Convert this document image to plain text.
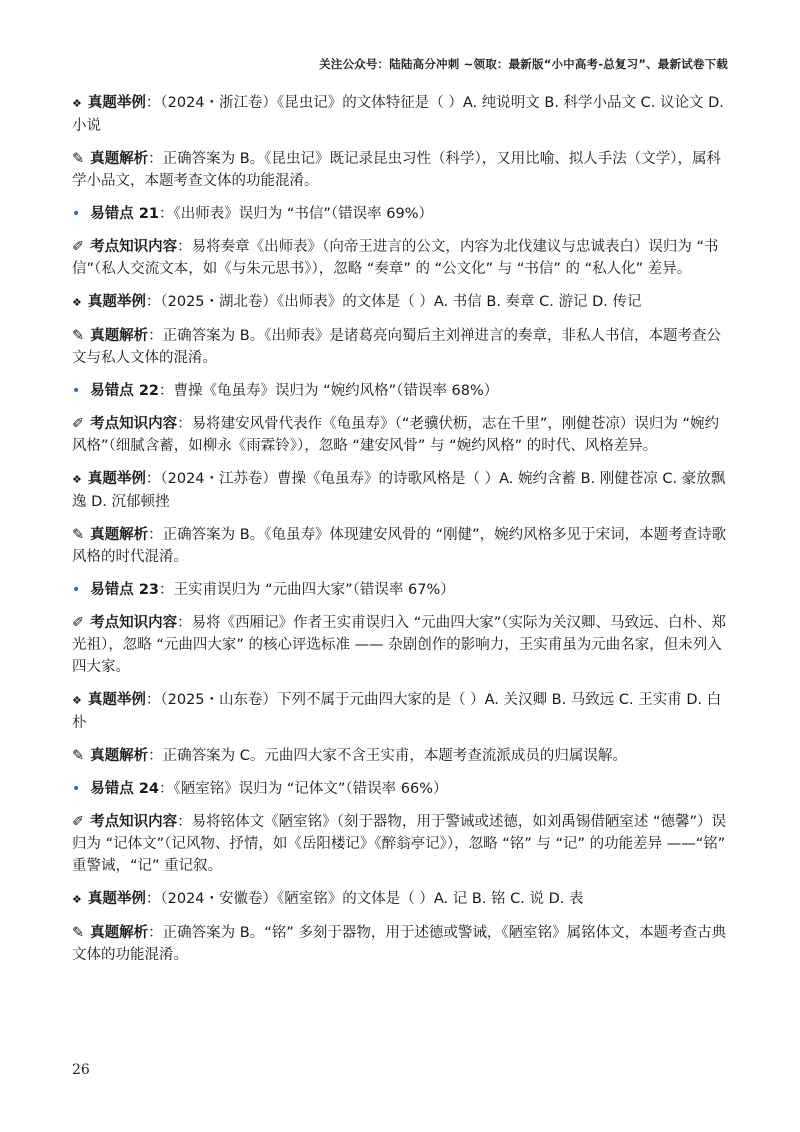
关注公众号：陆陆高分冲刺 ~领取：最新版“小中高考-总复习”、最新试卷下载

❖ 真题举例：（2024・浙江卷）《昆虫记》的文体特征是（ ）A. 纯说明文 B. 科学小品文 C. 议论文 D. 小说

✎ 真题解析：正确答案为 B。《昆虫记》既记录昆虫习性（科学），又用比喻、拟人手法（文学），属科学小品文，本题考查文体的功能混淆。

• 易错点 21：《出师表》误归为 “书信”（错误率 69%）

✐ 考点知识内容：易将奏章《出师表》（向帝王进言的公文，内容为北伐建议与忠诚表白）误归为 “书信”（私人交流文本，如《与朱元思书》），忽略 “奏章” 的 “公文化” 与 “书信” 的 “私人化” 差异。

❖ 真题举例：（2025・湖北卷）《出师表》的文体是（ ）A. 书信 B. 奏章 C. 游记 D. 传记

✎ 真题解析：正确答案为 B。《出师表》是诸葛亮向蜀后主刘禅进言的奏章，非私人书信，本题考查公文与私人文体的混淆。

• 易错点 22：曹操《龟虽寿》误归为 “婉约风格”（错误率 68%）

✐ 考点知识内容：易将建安风骨代表作《龟虽寿》（“老骥伏枥，志在千里”，刚健苍凉）误归为 “婉约风格”（细腻含蓄，如柳永《雨霖铃》），忽略 “建安风骨” 与 “婉约风格” 的时代、风格差异。

❖ 真题举例：（2024・江苏卷）曹操《龟虽寿》的诗歌风格是（ ）A. 婉约含蓄 B. 刚健苍凉 C. 豪放飘逸 D. 沉郁顿挫

✎ 真题解析：正确答案为 B。《龟虽寿》体现建安风骨的 “刚健”，婉约风格多见于宋词，本题考查诗歌风格的时代混淆。

• 易错点 23：王实甫误归为 “元曲四大家”（错误率 67%）

✐ 考点知识内容：易将《西厢记》作者王实甫误归入 “元曲四大家”（实际为关汉卿、马致远、白朴、郑光祖），忽略 “元曲四大家” 的核心评选标准 —— 杂剧创作的影响力，王实甫虽为元曲名家，但未列入四大家。

❖ 真题举例：（2025・山东卷）下列不属于元曲四大家的是（ ）A. 关汉卿 B. 马致远 C. 王实甫 D. 白朴

✎ 真题解析：正确答案为 C。元曲四大家不含王实甫，本题考查流派成员的归属误解。

• 易错点 24：《陋室铭》误归为 “记体文”（错误率 66%）

✐ 考点知识内容：易将铭体文《陋室铭》（刻于器物，用于警诫或述德，如刘禹锡借陋室述 “德馨”）误归为 “记体文”（记风物、抒情，如《岳阳楼记》《醉翁亭记》），忽略 “铭” 与 “记” 的功能差异 ——“铭” 重警诫，“记” 重记叙。

❖ 真题举例：（2024・安徽卷）《陋室铭》的文体是（ ）A. 记 B. 铭 C. 说 D. 表

✎ 真题解析：正确答案为 B。“铭” 多刻于器物，用于述德或警诫，《陋室铭》属铭体文，本题考查古典文体的功能混淆。

26
